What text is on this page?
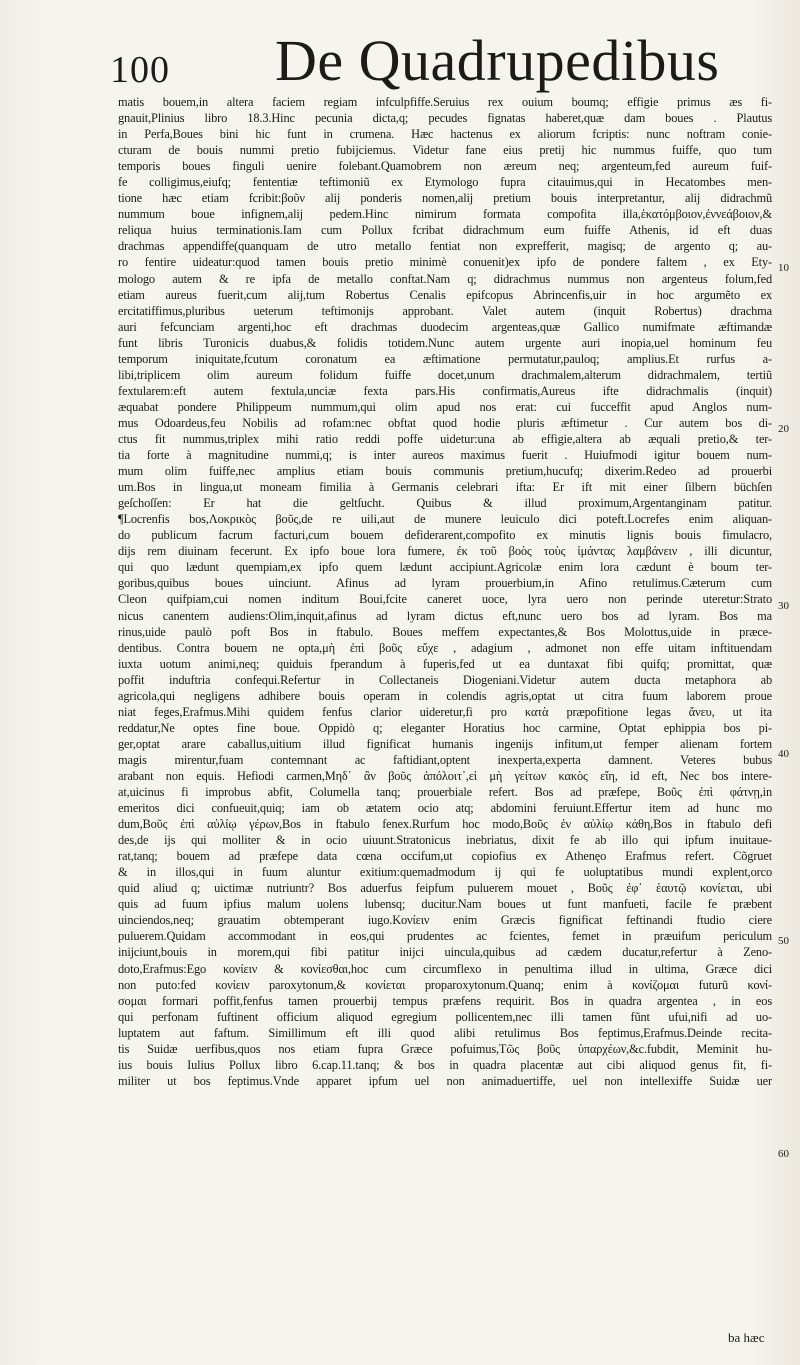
100 De Quadrupedibus
matis bouem,in altera faciem regiam infculpfiffe.Seruius rex ouium boumq; effigie primus æs fi-
gnauit,Plinius libro 18.3.Hinc pecunia dicta,q; pecudes fignatas haberet,quæ dam boues . Plautus
in Perfa,Boues bini hic funt in crumena. Hæc hactenus ex aliorum fcriptis: nunc noftram conie-
cturam de bouis nummi pretio fubijciemus. Videtur fane eius pretij hic nummus fuiffe, quo tum
temporis boues finguli uenire folebant.Quamobrem non æreum neq; argenteum,fed aureum fuif-
fe colligimus,eiufq; fententiæ teftimoniũ ex Etymologo fupra citauimus,qui in Hecatombes men-
tione hæc etiam fcribit:βοῦν alij ponderis nomen,alij pretium bouis interpretantur, alij didrachmũ
nummum boue infignem,alij pedem.Hinc nimirum formata compofita illa,ἑκατόμβοιον,ἐννεάβοιον,&
reliqua huius terminationis.Iam cum Pollux fcribat didrachmum eum fuiffe Athenis, id eft duas
drachmas appendiffe(quanquam de utro metallo fentiat non exprefferit, magisq; de argento q; au-
ro fentire uideatur:quod tamen bouis pretio minimè conuenit)ex ipfo de pondere faltem , ex Ety-
mologo autem & re ipfa de metallo conftat.Nam q; didrachmus nummus non argenteus folum,fed
etiam aureus fuerit,cum alij,tum Robertus Cenalis epifcopus Abrincenfis,uir in hoc argumẽto ex
ercitatiffimus,pluribus ueterum teftimonijs approbant. Valet autem (inquit Robertus) drachma
auri fefcunciam argenti,hoc eft drachmas duodecim argenteas,quæ Gallico numifmate æftimandæ
funt libris Turonicis duabus,& folidis totidem.Nunc autem urgente auri inopia,uel hominum feu
temporum iniquitate,fcutum coronatum ea æftimatione permutatur,pauloq; amplius.Et rurfus a-
libi,triplicem olim aureum folidum fuiffe docet,unum drachmalem,alterum didrachmalem, tertiũ
fextularem:eft autem fextula,unciæ fexta pars.His confirmatis,Aureus ifte didrachmalis (inquit)
æquabat pondere Philippeum nummum,qui olim apud nos erat: cui fucceffit apud Anglos num-
mus Odoardeus,feu Nobilis ad rofam:nec obftat quod hodie pluris æftimetur . Cur autem bos di-
ctus fit nummus,triplex mihi ratio reddi poffe uidetur:una ab effigie,altera ab æquali pretio,& ter-
tia forte à magnitudine nummi,q; is inter aureos maximus fuerit . Huiufmodi igitur bouem num-
mum olim fuiffe,nec amplius etiam bouis communis pretium,hucufq; dixerim.Redeo ad prouerbi
um.Bos in lingua,ut moneam fimilia à Germanis celebrari ifta: Er ift mit einer ſilbern büchſen
geſchoſſen: Er hat die geltſucht. Quibus & illud proximum,Argentanginam patitur.
¶Locrenfis bos,Λοκρικὸς βοῦς,de re uili,aut de munere leuiculo dici poteft.Locrefes enim aliquan-
do publicum facrum facturi,cum bouem defiderarent,compofito ex minutis lignis bouis fimulacro,
dijs rem diuinam fecerunt. Ex ipfo boue lora fumere, ἐκ τοῦ βοὸς τοὺς ἱμάντας λαμβάνειν , illi dicuntur,
qui quo lædunt quempiam,ex ipfo quem lædunt accipiunt.Agricolæ enim lora cædunt è boum ter-
goribus,quibus boues uinciunt. Afinus ad lyram prouerbium,in Afino retulimus.Cæterum cum
Cleon quifpiam,cui nomen inditum Boui,fcite caneret uoce, lyra uero non perinde uteretur:Strato
nicus canentem audiens:Olim,inquit,afinus ad lyram dictus eft,nunc uero bos ad lyram. Bos ma
rinus,uide paulò poft Bos in ftabulo. Boues meffem expectantes,& Bos Molottus,uide in præce-
dentibus. Contra bouem ne opta,μὴ ἐπὶ βοῦς εὔχε , adagium , admonet non effe uitam inftituendam
iuxta uotum animi,neq; quiduis fperandum à fuperis,fed ut ea duntaxat fibi quifq; promittat, quæ
poffit induftria confequi.Refertur in Collectaneis Diogeniani.Videtur autem ducta metaphora ab
agricola,qui negligens adhibere bouis operam in colendis agris,optat ut citra fuum laborem proue
niat feges,Erafmus.Mihi quidem fenfus clarior uideretur,fi pro κατὰ præpofitione legas ἄνευ, ut ita
reddatur,Ne optes fine boue. Oppidò q; eleganter Horatius hoc carmine, Optat ephippia bos pi-
ger,optat arare caballus,uitium illud fignificat humanis ingenijs infitum,ut femper alienam fortem
magis mirentur,fuam contemnant ac faftidiant,optent inexperta,experta damnent. Veteres bubus
arabant non equis. Hefiodi carmen,Μηδ᾽ ἂν βοῦς ἀπόλοιτ᾽,εἰ μὴ γείτων κακὸς εἴη, id eft, Nec bos intere-
at,uicinus fi improbus abfit, Columella tanq; prouerbiale refert. Bos ad præfepe, Βοῦς ἐπὶ φάτνῃ,in
emeritos dici confueuit,quiq; iam ob ætatem ocio atq; abdomini feruiunt.Effertur item ad hunc mo
dum,Βοῦς ἐπὶ αὐλίῳ γέρων,Bos in ftabulo fenex.Rurfum hoc modo,Βοῦς ἐν αὐλίῳ κάθη,Bos in ftabulo defi
des,de ijs qui molliter & in ocio uiuunt.Stratonicus inebriatus, dixit fe ab illo qui ipfum inuitaue-
rat,tanq; bouem ad præfepe data cœna occifum,ut copiofius ex Athenęo Erafmus refert. Cõgruet
& in illos,qui in fuum aluntur exitium:quemadmodum ij qui fe uoluptatibus mundi explent,orco
quid aliud q; uictimæ nutriuntr? Bos aduerfus feipfum puluerem mouet , Βοῦς ἐφ᾽ ἑαυτῷ κονίεται, ubi
quis ad fuum ipfius malum uolens lubensq; ducitur.Nam boues ut funt manfueti, facile fe præbent
uinciendos,neq; grauatim obtemperant iugo.Κονίειν enim Græcis fignificat feftinandi ftudio ciere
puluerem.Quidam accommodant in eos,qui prudentes ac fcientes, femet in præuifum periculum
inijciunt,bouis in morem,qui fibi patitur inijci uincula,quibus ad cædem ducatur,refertur à Zeno-
doto,Erafmus:Ego κονίειν & κονίεσθαι,hoc cum circumflexo in penultima illud in ultima, Græce dici
non puto:fed κονίειν paroxytonum,& κονίεται proparoxytonum.Quanq; enim à κονίζομαι futurũ κονί-
σομαι formari poffit,fenfus tamen prouerbij tempus præfens requirit. Bos in quadra argentea , in eos
qui perfonam fuftinent officium aliquod egregium pollicentem,nec illi tamen fũnt ufui,nifi ad uo-
luptatem aut faftum. Simillimum eft illi quod alibi retulimus Bos feptimus,Erafmus.Deinde recita-
tis Suidæ uerfibus,quos nos etiam fupra Græce pofuimus,Τῶς βοῦς ὑπαρχέων,&c.fubdit, Meminit hu-
ius bouis Iulius Pollux libro 6.cap.11.tanq; & bos in quadra placentæ aut cibi aliquod genus fit, fi-
militer ut bos feptimus.Vnde apparet ipfum uel non animaduertiffe, uel non intellexiffe Suidæ uer
10
20
30
40
50
60
ba hæc
